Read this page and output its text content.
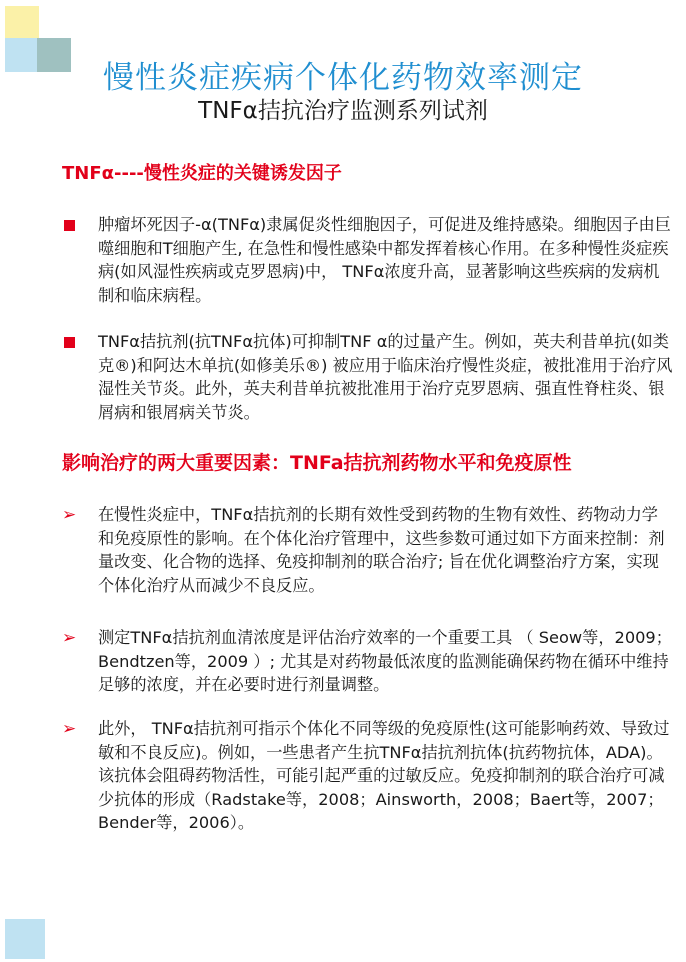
慢性炎症疾病个体化药物效率测定
TNFα拮抗治疗监测系列试剂
TNFα----慢性炎症的关键诱发因子
肿瘤坏死因子-α(TNFα)隶属促炎性细胞因子，可促进及维持感染。细胞因子由巨噬细胞和T细胞产生, 在急性和慢性感染中都发挥着核心作用。在多种慢性炎症疾病(如风湿性疾病或克罗恩病)中， TNFα浓度升高，显著影响这些疾病的发病机制和临床病程。
TNFα拮抗剂(抗TNFα抗体)可抑制TNF α的过量产生。例如，英夫利昔单抗(如类克®)和阿达木单抗(如修美乐®) 被应用于临床治疗慢性炎症，被批准用于治疗风湿性关节炎。此外，英夫利昔单抗被批准用于治疗克罗恩病、强直性脊柱炎、银屑病和银屑病关节炎。
影响治疗的两大重要因素：TNFa拮抗剂药物水平和免疫原性
➢ 在慢性炎症中，TNFα拮抗剂的长期有效性受到药物的生物有效性、药物动力学和免疫原性的影响。在个体化治疗管理中，这些参数可通过如下方面来控制：剂量改变、化合物的选择、免疫抑制剂的联合治疗; 旨在优化调整治疗方案，实现个体化治疗从而减少不良反应。
➢ 测定TNFα拮抗剂血清浓度是评估治疗效率的一个重要工具 （ Seow等，2009；Bendtzen等，2009 ）; 尤其是对药物最低浓度的监测能确保药物在循环中维持足够的浓度，并在必要时进行剂量调整。
➢ 此外， TNFα拮抗剂可指示个体化不同等级的免疫原性(这可能影响药效、导致过敏和不良反应)。例如，一些患者产生抗TNFα拮抗剂抗体(抗药物抗体，ADA)。该抗体会阻碍药物活性，可能引起严重的过敏反应。免疫抑制剂的联合治疗可减少抗体的形成（Radstake等，2008；Ainsworth，2008；Baert等，2007；Bender等，2006）。
